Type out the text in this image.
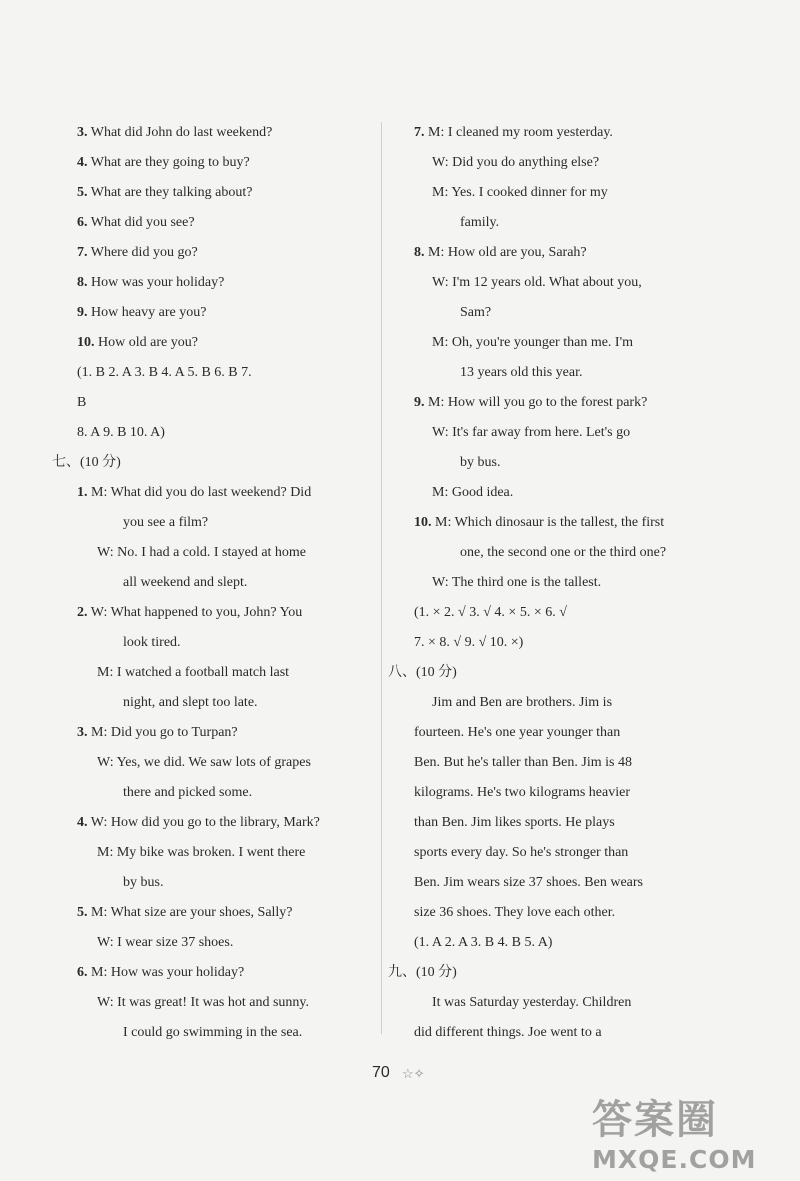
3. What did John do last weekend?
4. What are they going to buy?
5. What are they talking about?
6. What did you see?
7. Where did you go?
8. How was your holiday?
9. How heavy are you?
10. How old are you?
(1. B 2. A 3. B 4. A 5. B 6. B 7.
B
8. A 9. B 10. A)
七、(10 分)
1. M: What did you do last weekend? Did
you see a film?
W: No. I had a cold. I stayed at home
all weekend and slept.
2. W: What happened to you, John? You
look tired.
M: I watched a football match last
night, and slept too late.
3. M: Did you go to Turpan?
W: Yes, we did. We saw lots of grapes
there and picked some.
4. W: How did you go to the library, Mark?
M: My bike was broken. I went there
by bus.
5. M: What size are your shoes, Sally?
W: I wear size 37 shoes.
6. M: How was your holiday?
W: It was great! It was hot and sunny.
I could go swimming in the sea.
7. M: I cleaned my room yesterday.
W: Did you do anything else?
M: Yes. I cooked dinner for my
family.
8. M: How old are you, Sarah?
W: I'm 12 years old. What about you,
Sam?
M: Oh, you're younger than me. I'm
13 years old this year.
9. M: How will you go to the forest park?
W: It's far away from here. Let's go
by bus.
M: Good idea.
10. M: Which dinosaur is the tallest, the first
one, the second one or the third one?
W: The third one is the tallest.
(1. × 2. √ 3. √ 4. × 5. × 6. √
7. × 8. √ 9. √ 10. ×)
八、(10 分)
Jim and Ben are brothers. Jim is
fourteen. He's one year younger than
Ben. But he's taller than Ben. Jim is 48
kilograms. He's two kilograms heavier
than Ben. Jim likes sports. He plays
sports every day. So he's stronger than
Ben. Jim wears size 37 shoes. Ben wears
size 36 shoes. They love each other.
(1. A 2. A 3. B 4. B 5. A)
九、(10 分)
It was Saturday yesterday. Children
did different things. Joe went to a
70 ☆✧
答案圈
MXQE.COM
